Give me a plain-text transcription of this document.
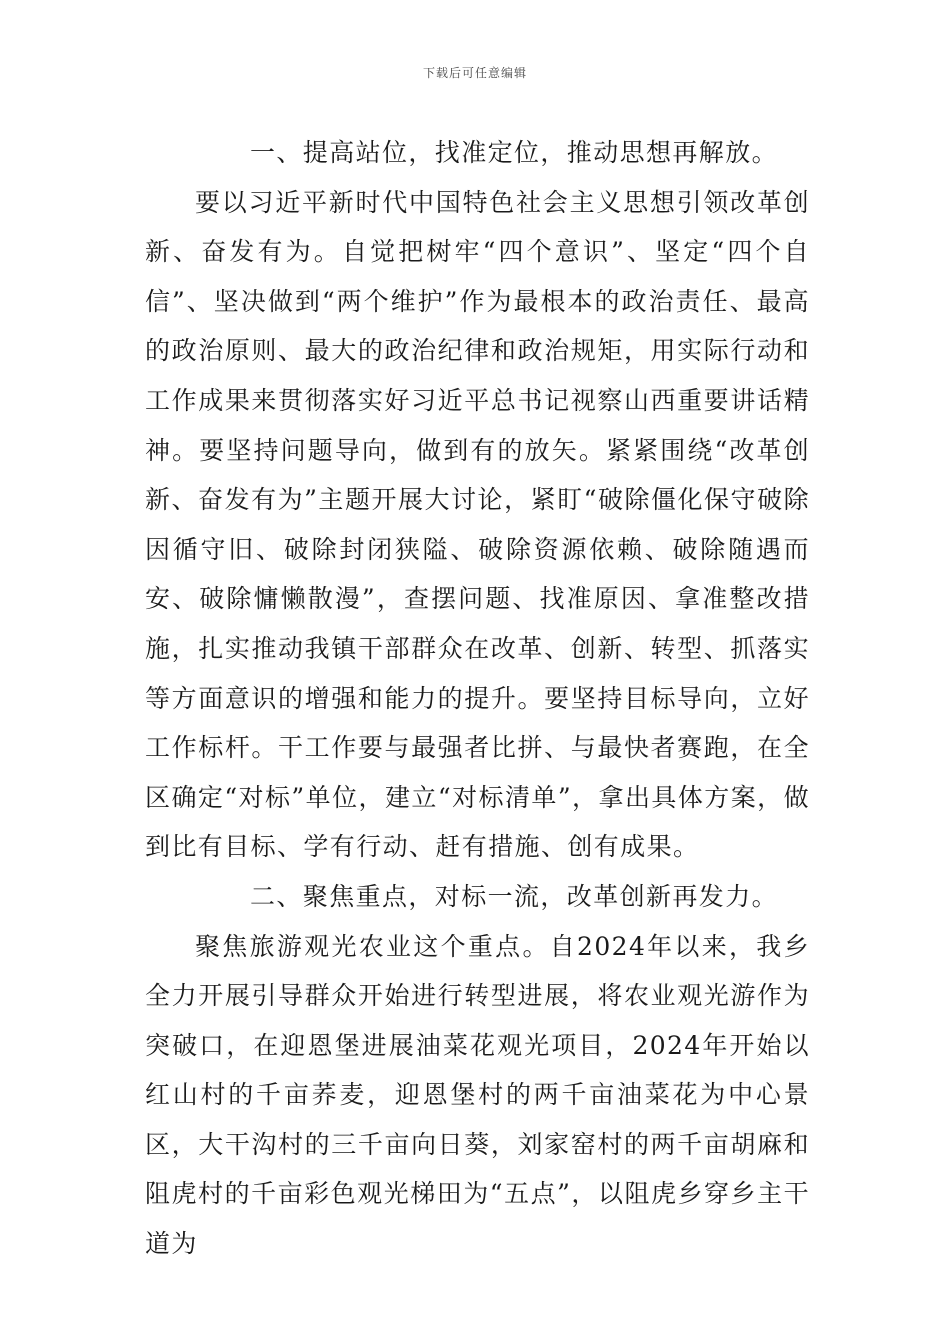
下载后可任意编辑

一、提高站位，找准定位，推动思想再解放。

要以习近平新时代中国特色社会主义思想引领改革创新、奋发有为。自觉把树牢“四个意识”、坚定“四个自信”、坚决做到“两个维护”作为最根本的政治责任、最高的政治原则、最大的政治纪律和政治规矩，用实际行动和工作成果来贯彻落实好习近平总书记视察山西重要讲话精神。要坚持问题导向，做到有的放矢。紧紧围绕“改革创新、奋发有为”主题开展大讨论，紧盯“破除僵化保守破除因循守旧、破除封闭狭隘、破除资源依赖、破除随遇而安、破除慵懒散漫”，查摆问题、找准原因、拿准整改措施，扎实推动我镇干部群众在改革、创新、转型、抓落实等方面意识的增强和能力的提升。要坚持目标导向，立好工作标杆。干工作要与最强者比拼、与最快者赛跑，在全区确定“对标”单位，建立“对标清单”，拿出具体方案，做到比有目标、学有行动、赶有措施、创有成果。

二、聚焦重点，对标一流，改革创新再发力。

聚焦旅游观光农业这个重点。自2024年以来，我乡全力开展引导群众开始进行转型进展，将农业观光游作为突破口，在迎恩堡进展油菜花观光项目，2024年开始以红山村的千亩荞麦，迎恩堡村的两千亩油菜花为中心景区，大干沟村的三千亩向日葵，刘家窑村的两千亩胡麻和阻虎村的千亩彩色观光梯田为“五点”，以阻虎乡穿乡主干道为
